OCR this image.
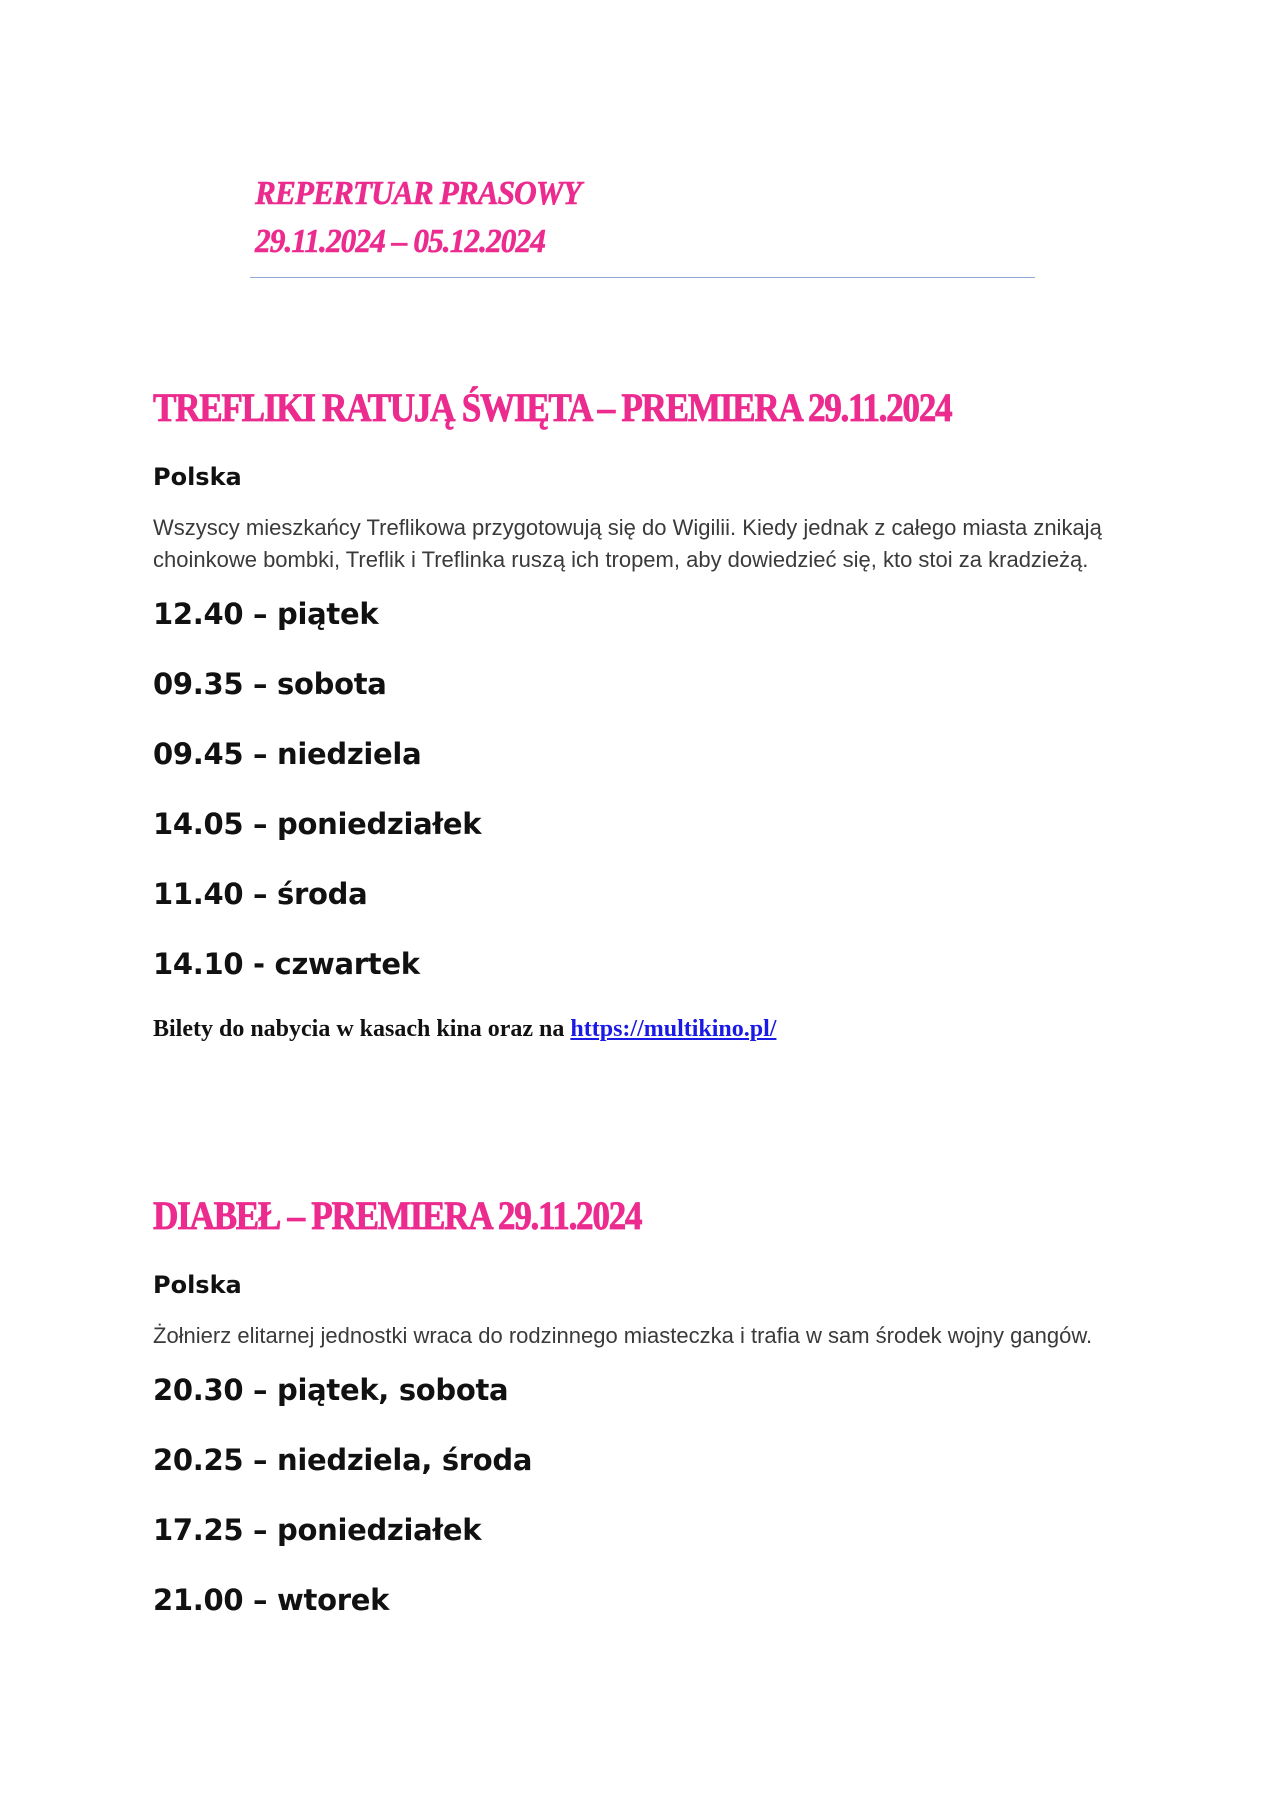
REPERTUAR PRASOWY
29.11.2024 – 05.12.2024
TREFLIKI RATUJĄ ŚWIĘTA – PREMIERA 29.11.2024
Polska
Wszyscy mieszkańcy Treflikowa przygotowują się do Wigilii. Kiedy jednak z całego miasta znikają choinkowe bombki, Treflik i Treflinka ruszą ich tropem, aby dowiedzieć się, kto stoi za kradzieżą.
12.40 – piątek
09.35 – sobota
09.45 – niedziela
14.05 – poniedziałek
11.40 – środa
14.10 - czwartek
Bilety do nabycia w kasach kina oraz na https://multikino.pl/
DIABEŁ – PREMIERA 29.11.2024
Polska
Żołnierz elitarnej jednostki wraca do rodzinnego miasteczka i trafia w sam środek wojny gangów.
20.30 – piątek, sobota
20.25 – niedziela, środa
17.25 – poniedziałek
21.00 – wtorek
